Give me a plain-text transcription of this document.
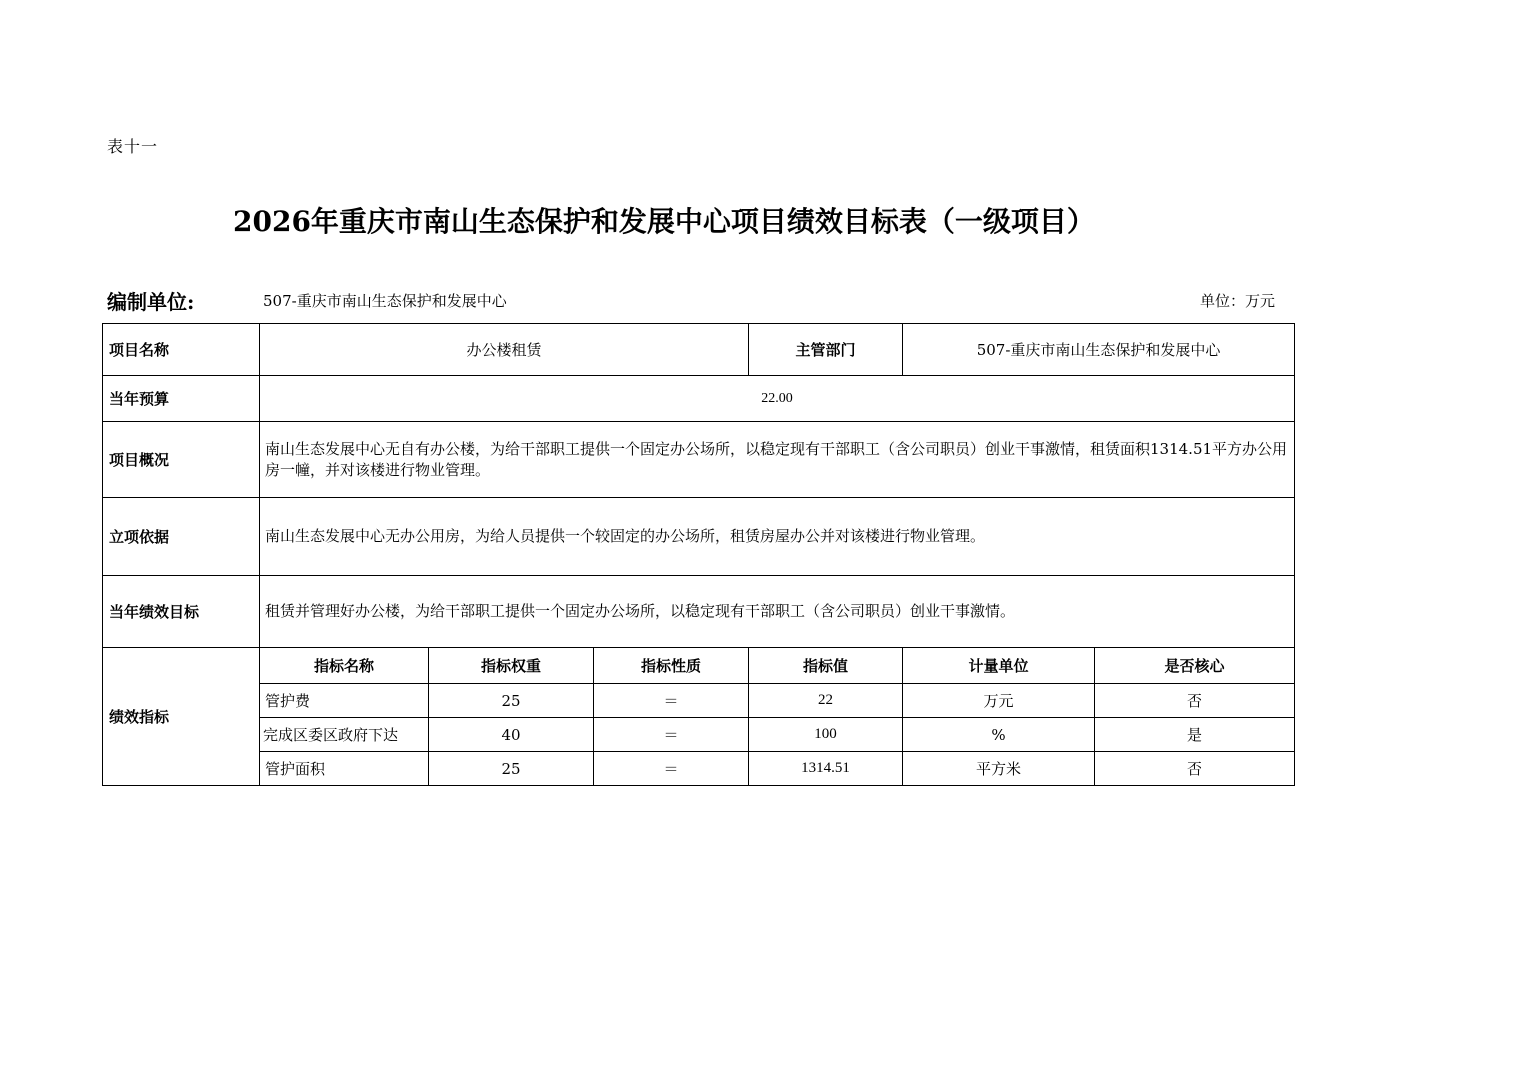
表十一
2026年重庆市南山生态保护和发展中心项目绩效目标表（一级项目）
编制单位:	507-重庆市南山生态保护和发展中心	单位：万元
项目名称	办公楼租赁			主管部门	507-重庆市南山生态保护和发展中心	
当年预算	22.00					
项目概况	南山生态发展中心无自有办公楼，为给干部职工提供一个固定办公场所，以稳定现有干部职工（含公司职员）创业干事激情，租赁面积1314.51平方办公用房一幢，并对该楼进行物业管理。					
立项依据	南山生态发展中心无办公用房，为给人员提供一个较固定的办公场所，租赁房屋办公并对该楼进行物业管理。					
当年绩效目标	租赁并管理好办公楼，为给干部职工提供一个固定办公场所，以稳定现有干部职工（含公司职员）创业干事激情。					
绩效指标	指标名称	指标权重	指标性质	指标值	计量单位	是否核心
	管护费	25	＝	22	万元	否
	完成区委区政府下达	40	＝	100	%	是
	管护面积	25	＝	1314.51	平方米	否
